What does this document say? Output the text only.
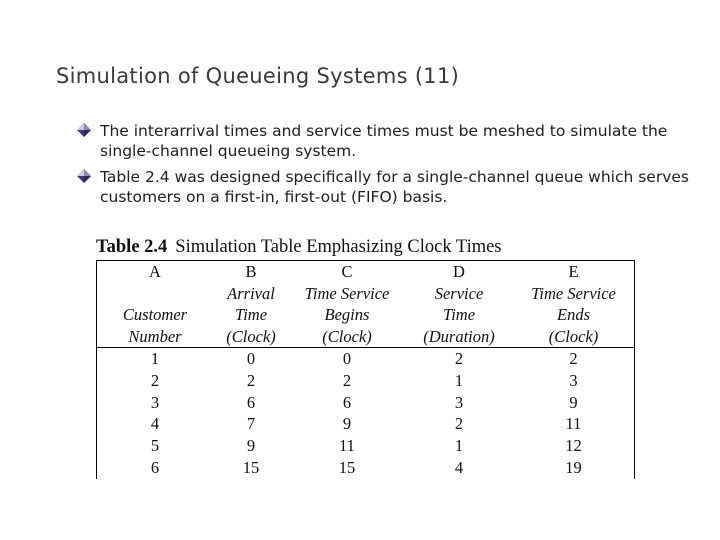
Simulation of Queueing Systems (11)
The interarrival times and service times must be meshed to simulate the single-channel queueing system.
Table 2.4 was designed specifically for a single-channel queue which serves customers on a first-in, first-out (FIFO) basis.
Table 2.4 Simulation Table Emphasizing Clock Times
A	B	C	D	E
	Arrival	Time Service	Service	Time Service
Customer	Time	Begins	Time	Ends
Number	(Clock)	(Clock)	(Duration)	(Clock)
1	0	0	2	2
2	2	2	1	3
3	6	6	3	9
4	7	9	2	11
5	9	11	1	12
6	15	15	4	19
